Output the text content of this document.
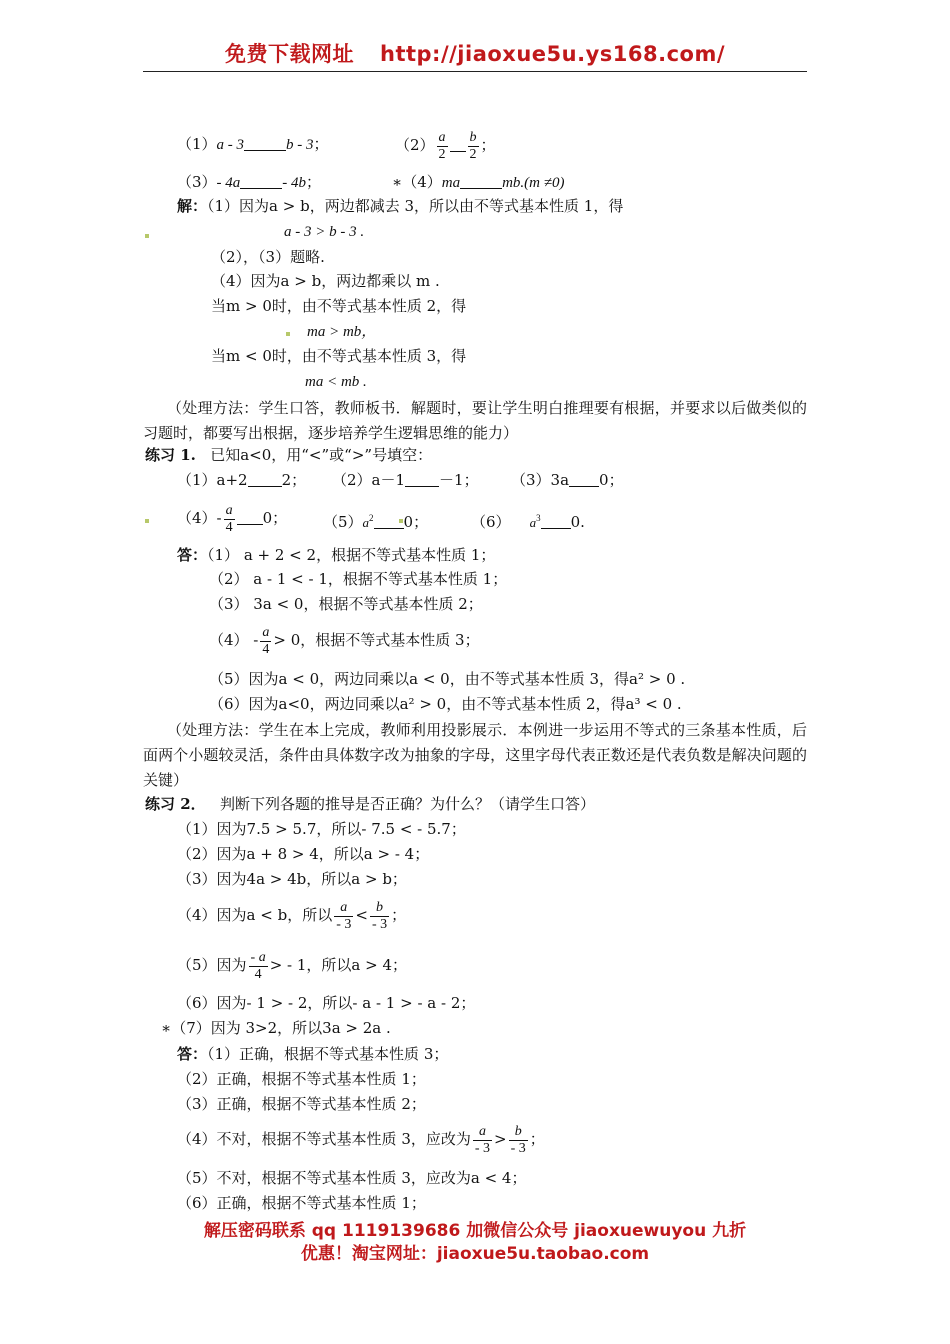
免费下载网址 http://jiaoxue5u.ys168.com/
（1）a - 3	b - 3；	$(2) \frac{a}{2} \frac{b}{2}$ ；
（3）- 4a	- 4b；	∗（4）ma	mb.(m ≠0)
解：（1）因为a > b，两边都减去 3，所以由不等式基本性质 1，得
a - 3 > b - 3 .
（2），（3）题略.
（4）因为a > b，两边都乘以 m .
当m > 0时，由不等式基本性质 2，得
ma > mb，
当m < 0时，由不等式基本性质 3，得
ma < mb .
（处理方法：学生口答，教师板书．解题时，要让学生明白推理要有根据，并要求以后做类似的习题时，都要写出根据，逐步培养学生逻辑思维的能力）
练习 1. 已知a<0，用“<”或“>”号填空：
（1）a+2 2； （2）a－1 －1； （3）3a 0；
$(4)- \frac{a}{4} 0$； $(5)a^2$ 0；	（6） $a^3$ 0.
答：（1） a + 2 < 2，根据不等式基本性质 1；
（2） a - 1 < - 1，根据不等式基本性质 1；
（3） 3a < 0，根据不等式基本性质 2；
$(4) - \frac{a}{4} > 0$，根据不等式基本性质 3；
（5）因为a < 0，两边同乘以a < 0，由不等式基本性质 3，得a² > 0 .
（6）因为a<0，两边同乘以a² > 0，由不等式基本性质 2，得a³ < 0 .
（处理方法：学生在本上完成，教师利用投影展示．本例进一步运用不等式的三条基本性质，后面两个小题较灵活，条件由具体数字改为抽象的字母，这里字母代表正数还是代表负数是解决问题的关键）
练习 2． 判断下列各题的推导是否正确？为什么？（请学生口答）
（1）因为7.5 > 5.7，所以- 7.5 < - 5.7；
（2）因为a + 8 > 4，所以a > - 4；
（3）因为4a > 4b，所以a > b；
（4）因为a < b，所以 $\frac{a}{- 3} < \frac{b}{- 3}$ ；
（5）因为 $\frac{- a}{4}$ > - 1，所以a > 4；
（6）因为- 1 > - 2，所以- a - 1 > - a - 2；
∗（7）因为 3>2，所以3a > 2a .
答：（1）正确，根据不等式基本性质 3；
（2）正确，根据不等式基本性质 1；
（3）正确，根据不等式基本性质 2；
（4）不对，根据不等式基本性质 3，应改为 $\frac{a}{- 3} > \frac{b}{- 3}$ ；
（5）不对，根据不等式基本性质 3，应改为a < 4；
（6）正确，根据不等式基本性质 1；
解压密码联系 qq 1119139686 加微信公众号 jiaoxuewuyou 九折
优惠！淘宝网址：jiaoxue5u.taobao.com
